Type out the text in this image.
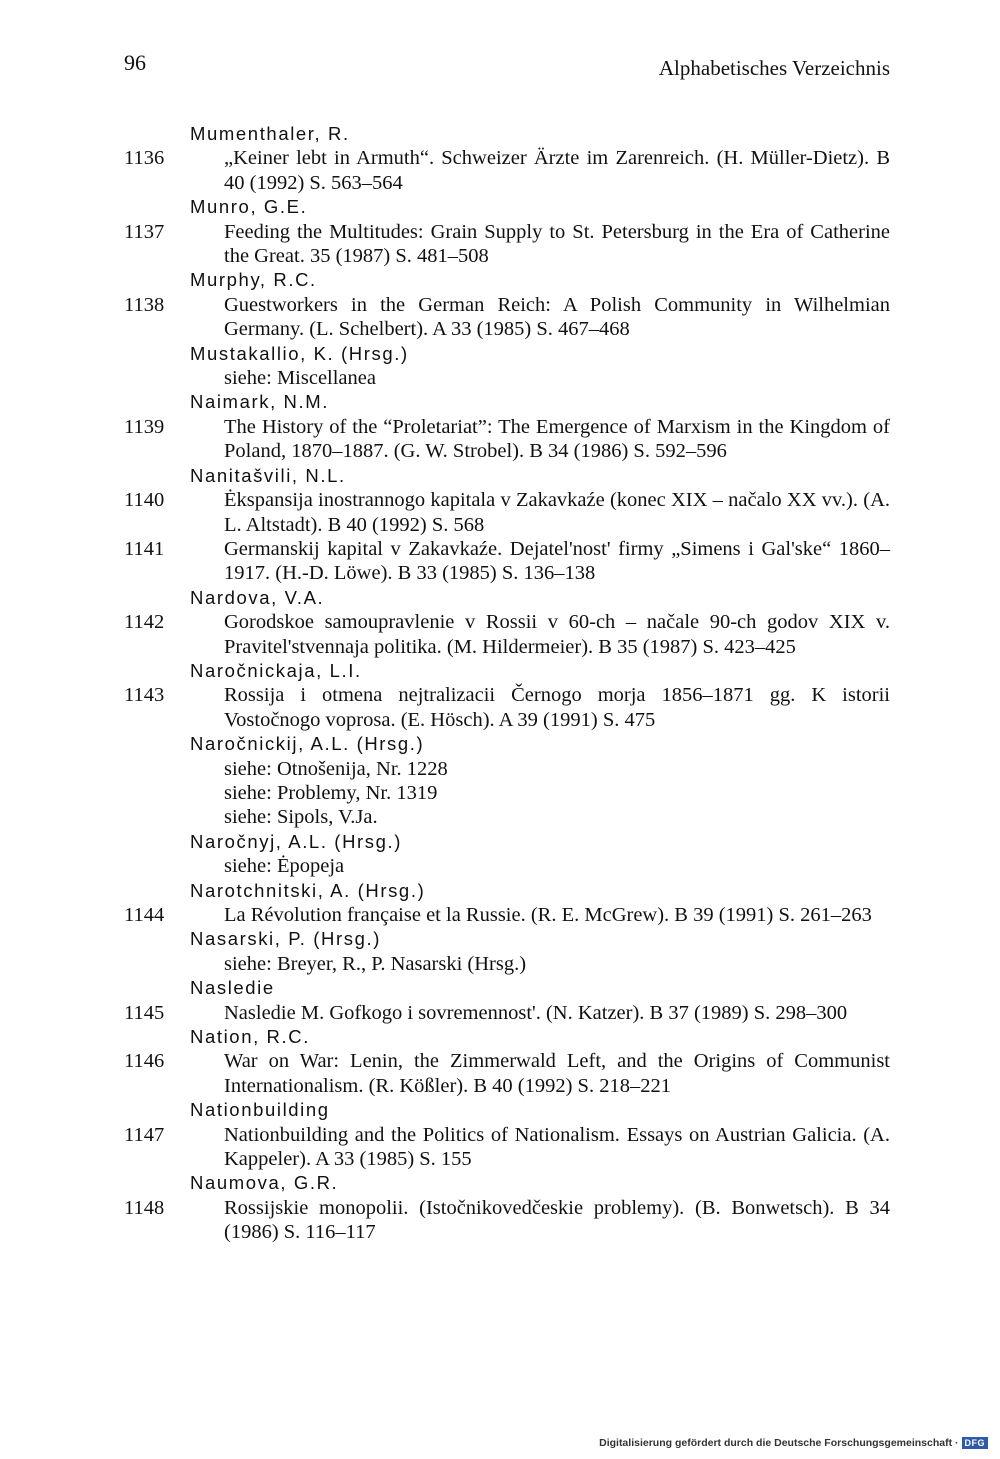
96	Alphabetisches Verzeichnis
Mumenthaler, R.
1136	„Keiner lebt in Armuth“. Schweizer Ärzte im Zarenreich. (H. Müller-Dietz). B 40 (1992) S. 563–564
Munro, G.E.
1137	Feeding the Multitudes: Grain Supply to St. Petersburg in the Era of Catherine the Great. 35 (1987) S. 481–508
Murphy, R.C.
1138	Guestworkers in the German Reich: A Polish Community in Wilhelmian Germany. (L. Schelbert). A 33 (1985) S. 467–468
Mustakallio, K. (Hrsg.)
siehe: Miscellanea
Naimark, N.M.
1139	The History of the “Proletariat”: The Emergence of Marxism in the Kingdom of Poland, 1870–1887. (G. W. Strobel). B 34 (1986) S. 592–596
Nanitašvili, N.L.
1140	Ėkspansija inostrannogo kapitala v Zakavkaźe (konec XIX – načalo XX vv.). (A. L. Altstadt). B 40 (1992) S. 568
1141	Germanskij kapital v Zakavkaźe. Dejatel'nost' firmy „Simens i Gal'ske“ 1860–1917. (H.-D. Löwe). B 33 (1985) S. 136–138
Nardova, V.A.
1142	Gorodskoe samoupravlenie v Rossii v 60-ch – načale 90-ch godov XIX v. Pravitel'stvennaja politika. (M. Hildermeier). B 35 (1987) S. 423–425
Naročnickaja, L.I.
1143	Rossija i otmena nejtralizacii Černogo morja 1856–1871 gg. K istorii Vostočnogo voprosa. (E. Hösch). A 39 (1991) S. 475
Naročnickij, A.L. (Hrsg.)
siehe: Otnošenija, Nr. 1228
siehe: Problemy, Nr. 1319
siehe: Sipols, V.Ja.
Naročnyj, A.L. (Hrsg.)
siehe: Ėpopeja
Narotchnitski, A. (Hrsg.)
1144	La Révolution française et la Russie. (R. E. McGrew). B 39 (1991) S. 261–263
Nasarski, P. (Hrsg.)
siehe: Breyer, R., P. Nasarski (Hrsg.)
Nasledie
1145	Nasledie M. Gofkogo i sovremennost'. (N. Katzer). B 37 (1989) S. 298–300
Nation, R.C.
1146	War on War: Lenin, the Zimmerwald Left, and the Origins of Communist Internationalism. (R. Kößler). B 40 (1992) S. 218–221
Nationbuilding
1147	Nationbuilding and the Politics of Nationalism. Essays on Austrian Galicia. (A. Kappeler). A 33 (1985) S. 155
Naumova, G.R.
1148	Rossijskie monopolii. (Istočnikovedčeskie problemy). (B. Bonwetsch). B 34 (1986) S. 116–117
Digitalisierung gefördert durch die Deutsche Forschungsgemeinschaft · DFG
